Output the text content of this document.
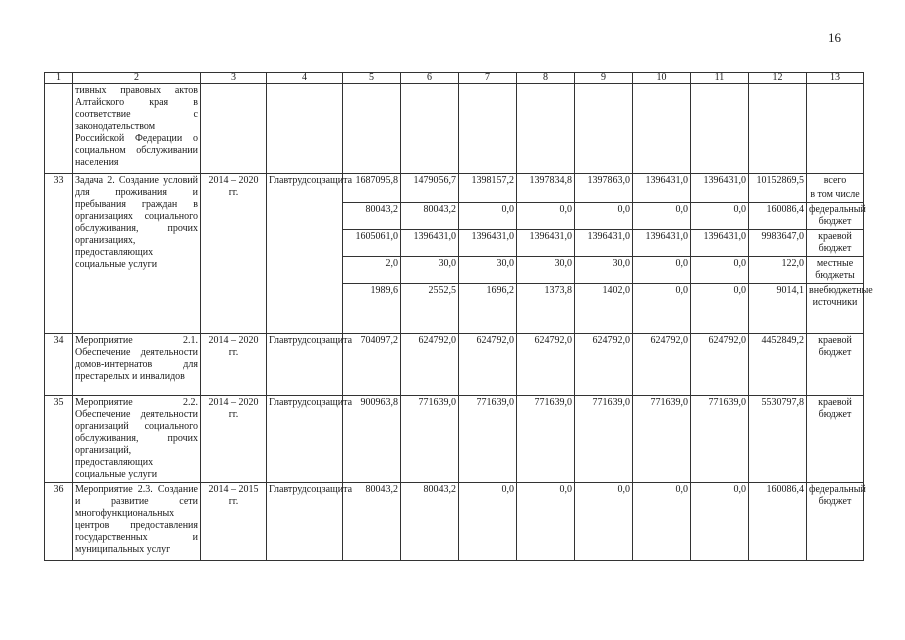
16
1	2	3	4	5	6	7	8	9	10	11	12	13
	тивных правовых актов Алтайского края в соответствие с законодательством Российской Федерации о социальном обслуживании населения											
33	Задача 2. Создание условий для проживания и пребывания граждан в организациях социального обслуживания, прочих организациях, предоставляющих социальные услуги	2014 – 2020 гг.	Главтрудсоцзащита	1687095,8	1479056,7	1398157,2	1397834,8	1397863,0	1396431,0	1396431,0	10152869,5	всего
												в том числе
				80043,2	80043,2	0,0	0,0	0,0	0,0	0,0	160086,4	федеральный бюджет
				1605061,0	1396431,0	1396431,0	1396431,0	1396431,0	1396431,0	1396431,0	9983647,0	краевой бюджет
				2,0	30,0	30,0	30,0	30,0	0,0	0,0	122,0	местные бюджеты
				1989,6	2552,5	1696,2	1373,8	1402,0	0,0	0,0	9014,1	внебюджетные источники
34	Мероприятие 2.1. Обеспечение деятельности домов-интернатов для престарелых и инвалидов	2014 – 2020 гг.	Главтрудсоцзащита	704097,2	624792,0	624792,0	624792,0	624792,0	624792,0	624792,0	4452849,2	краевой бюджет
35	Мероприятие 2.2. Обеспечение деятельности организаций социального обслуживания, прочих организаций, предоставляющих социальные услуги	2014 – 2020 гг.	Главтрудсоцзащита	900963,8	771639,0	771639,0	771639,0	771639,0	771639,0	771639,0	5530797,8	краевой бюджет
36	Мероприятие 2.3. Создание и развитие сети многофункциональных центров предоставления государственных и муниципальных услуг	2014 – 2015 гг.	Главтрудсоцзащита	80043,2	80043,2	0,0	0,0	0,0	0,0	0,0	160086,4	федеральный бюджет
